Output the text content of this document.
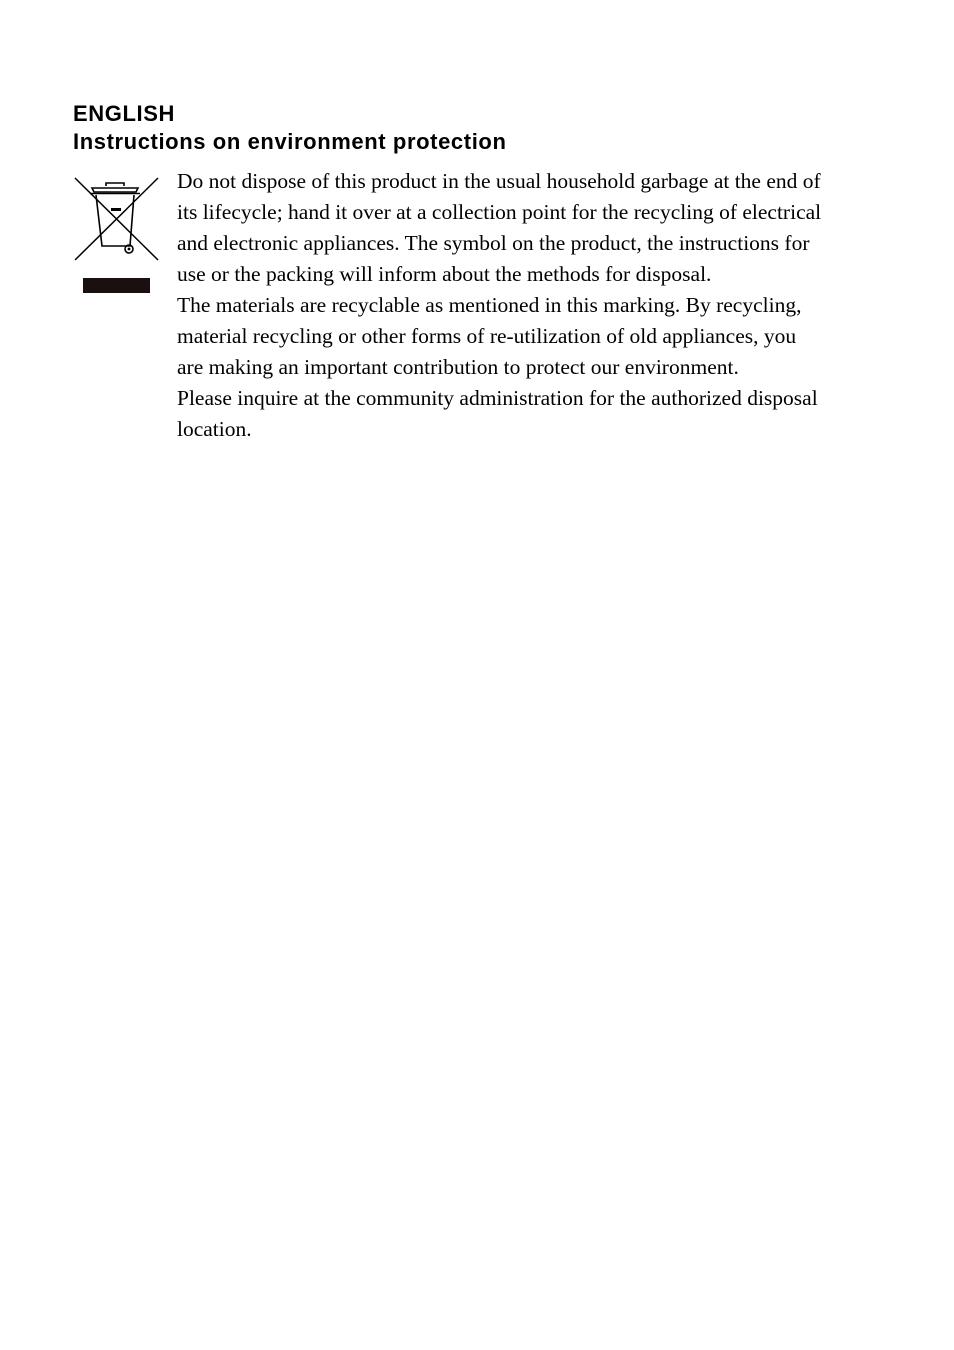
ENGLISH
Instructions on environment protection
Do not dispose of this product in the usual household garbage at the end of
its lifecycle; hand it over at a collection point for the recycling of electrical
and electronic appliances. The symbol on the product, the instructions for
use or the packing will inform about the methods for disposal.
The materials are recyclable as mentioned in this marking. By recycling,
material recycling or other forms of re-utilization of old appliances, you
are making an important contribution to protect our environment.
Please inquire at the community administration for the authorized disposal
location.
